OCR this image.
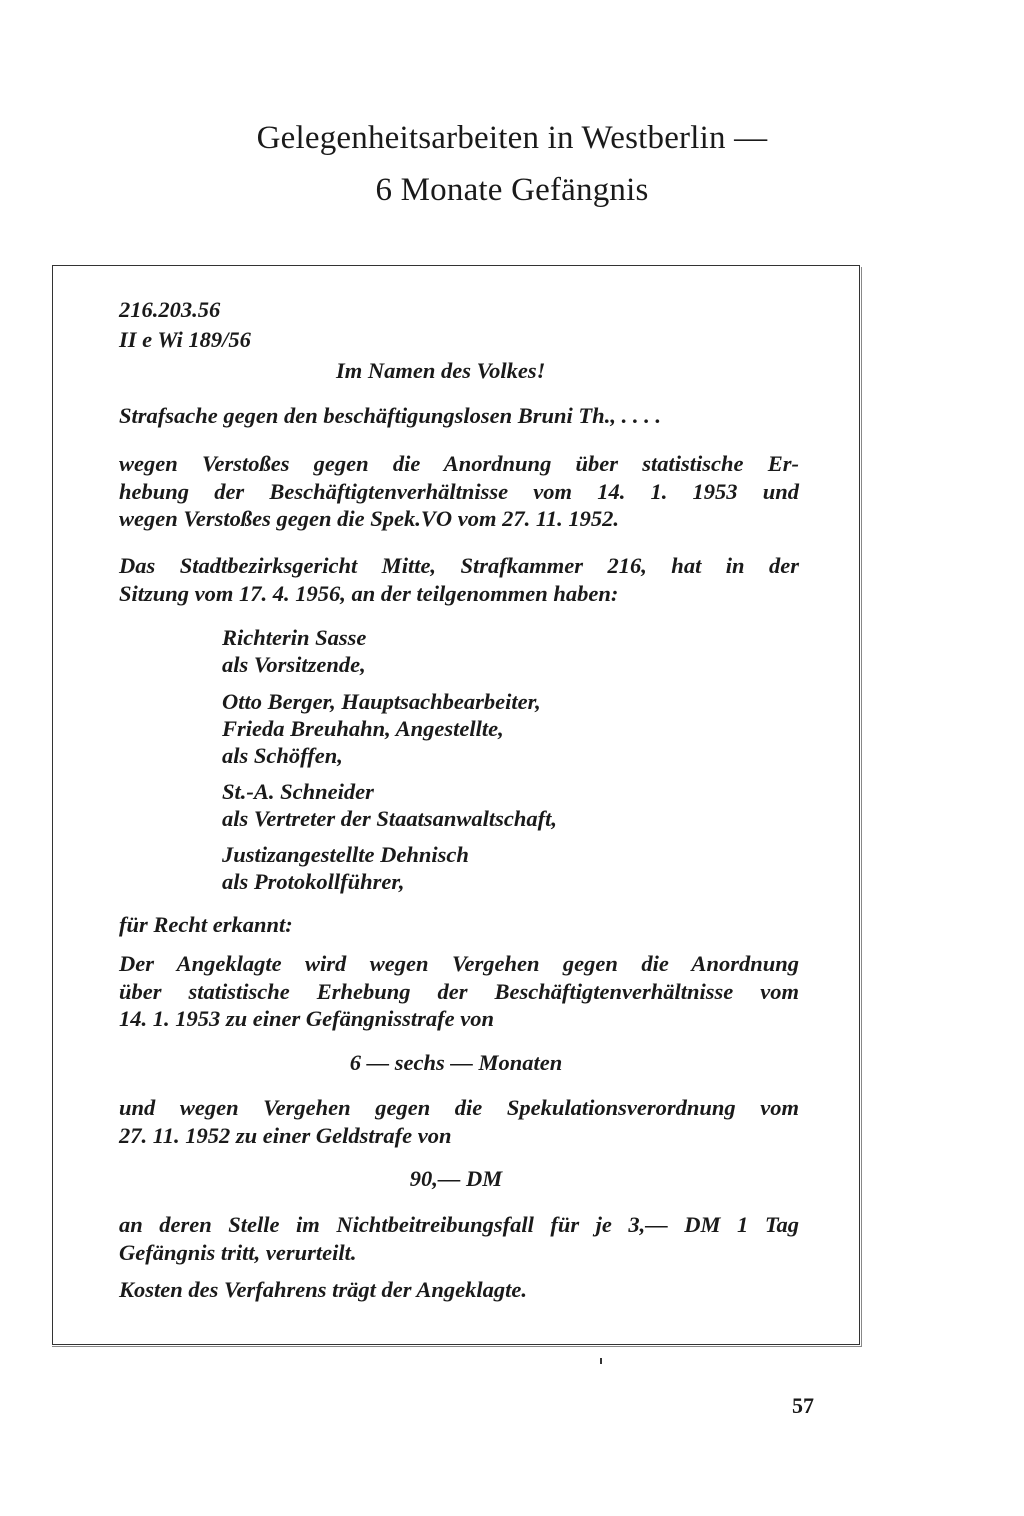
Gelegenheitsarbeiten in Westberlin —
6 Monate Gefängnis

216.203.56

II e Wi 189/56

Im Namen des Volkes!

Strafsache gegen den beschäftigungslosen Bruni Th., . . . .

wegen Verstoßes gegen die Anordnung über statistische Er-
hebung der Beschäftigtenverhältnisse vom 14. 1. 1953 und
wegen Verstoßes gegen die Spek.VO vom 27. 11. 1952.
Das Stadtbezirksgericht Mitte, Strafkammer 216, hat in der
Sitzung vom 17. 4. 1956, an der teilgenommen haben:
Richterin Sasse
als Vorsitzende,
Otto Berger, Hauptsachbearbeiter,
Frieda Breuhahn, Angestellte,
als Schöffen,
St.-A. Schneider
als Vertreter der Staatsanwaltschaft,
Justizangestellte Dehnisch
als Protokollführer,

für Recht erkannt:

Der Angeklagte wird wegen Vergehen gegen die Anordnung
über statistische Erhebung der Beschäftigtenverhältnisse vom
14. 1. 1953 zu einer Gefängnisstrafe von

6 — sechs — Monaten

und wegen Vergehen gegen die Spekulationsverordnung vom
27. 11. 1952 zu einer Geldstrafe von

90,— DM

an deren Stelle im Nichtbeitreibungsfall für je 3,— DM 1 Tag
Gefängnis tritt, verurteilt.

Kosten des Verfahrens trägt der Angeklagte.

57
